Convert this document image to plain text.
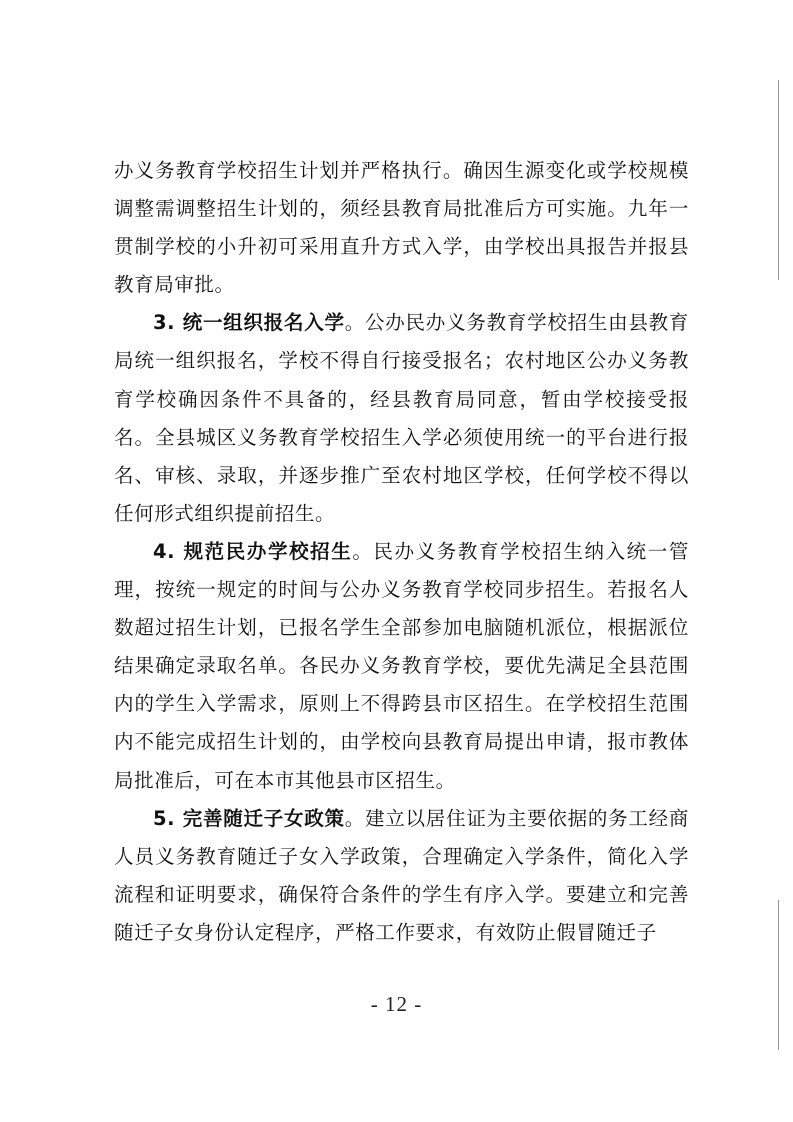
办义务教育学校招生计划并严格执行。确因生源变化或学校规模调整需调整招生计划的，须经县教育局批准后方可实施。九年一贯制学校的小升初可采用直升方式入学，由学校出具报告并报县教育局审批。

3. 统一组织报名入学。公办民办义务教育学校招生由县教育局统一组织报名，学校不得自行接受报名；农村地区公办义务教育学校确因条件不具备的，经县教育局同意，暂由学校接受报名。全县城区义务教育学校招生入学必须使用统一的平台进行报名、审核、录取，并逐步推广至农村地区学校，任何学校不得以任何形式组织提前招生。

4. 规范民办学校招生。民办义务教育学校招生纳入统一管理，按统一规定的时间与公办义务教育学校同步招生。若报名人数超过招生计划，已报名学生全部参加电脑随机派位，根据派位结果确定录取名单。各民办义务教育学校，要优先满足全县范围内的学生入学需求，原则上不得跨县市区招生。在学校招生范围内不能完成招生计划的，由学校向县教育局提出申请，报市教体局批准后，可在本市其他县市区招生。

5. 完善随迁子女政策。建立以居住证为主要依据的务工经商人员义务教育随迁子女入学政策，合理确定入学条件，简化入学流程和证明要求，确保符合条件的学生有序入学。要建立和完善随迁子女身份认定程序，严格工作要求，有效防止假冒随迁子

- 12 -
